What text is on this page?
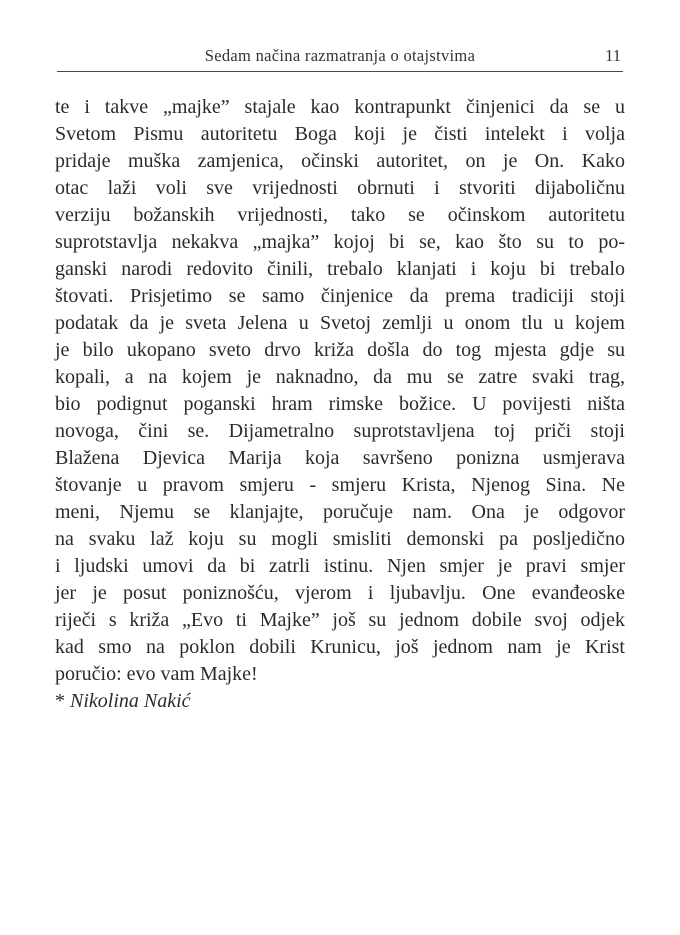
Sedam načina razmatranja o otajstvima	11
te i takve „majke” stajale kao kontrapunkt činjenici da se u
Svetom Pismu autoritetu Boga koji je čisti intelekt i volja
pridaje muška zamjenica, očinski autoritet, on je On. Kako
otac laži voli sve vrijednosti obrnuti i stvoriti dijaboličnu
verziju božanskih vrijednosti, tako se očinskom autoritetu
suprotstavlja nekakva „majka” kojoj bi se, kao što su to po-
ganski narodi redovito činili, trebalo klanjati i koju bi trebalo
štovati. Prisjetimo se samo činjenice da prema tradiciji stoji
podatak da je sveta Jelena u Svetoj zemlji u onom tlu u kojem
je bilo ukopano sveto drvo križa došla do tog mjesta gdje su
kopali, a na kojem je naknadno, da mu se zatre svaki trag,
bio podignut poganski hram rimske božice. U povijesti ništa
novoga, čini se. Dijametralno suprotstavljena toj priči stoji
Blažena Djevica Marija koja savršeno ponizna usmjerava
štovanje u pravom smjeru - smjeru Krista, Njenog Sina. Ne
meni, Njemu se klanjajte, poručuje nam. Ona je odgovor
na svaku laž koju su mogli smisliti demonski pa posljedično
i ljudski umovi da bi zatrli istinu. Njen smjer je pravi smjer
jer je posut poniznošću, vjerom i ljubavlju. One evanđeoske
riječi s križa „Evo ti Majke” još su jednom dobile svoj odjek
kad smo na poklon dobili Krunicu, još jednom nam je Krist
poručio: evo vam Majke!
* Nikolina Nakić
